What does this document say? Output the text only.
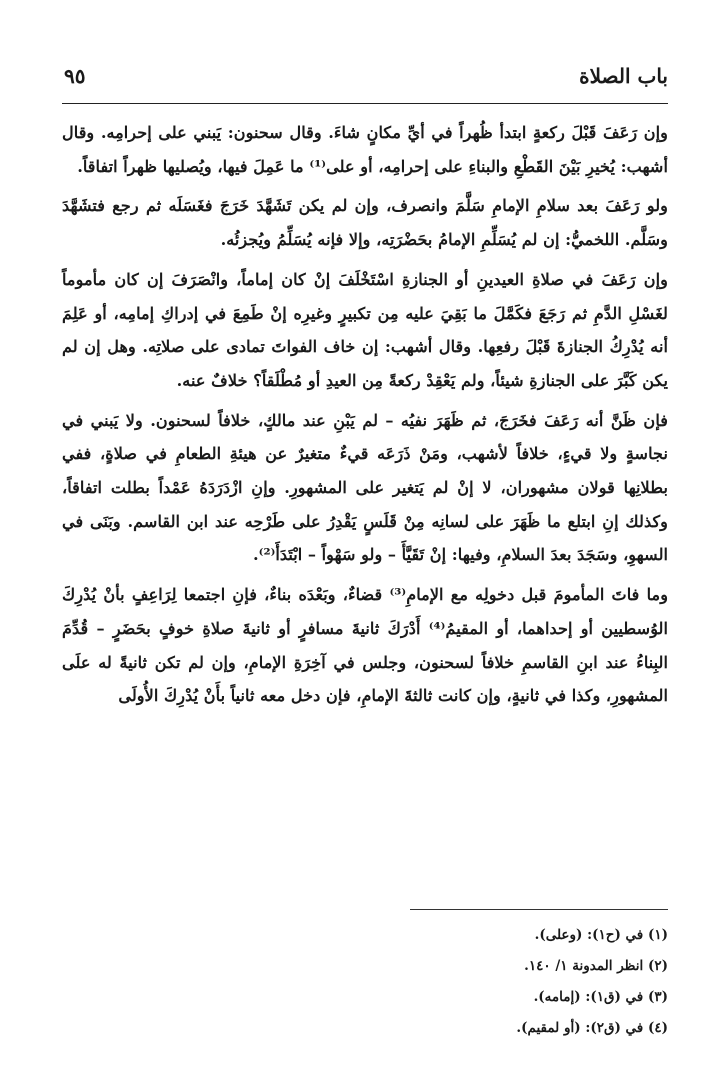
باب الصلاة
٩٥

وإن رَعَفَ قَبْلَ ركعةٍ ابتدأ ظُهراً في أيِّ مكانٍ شاءَ. وقال سحنون: يَبني على إحرامِه. وقال أشهب: يُخيرِ بَيْنَ القَطْعِ والبناءِ على إحرامِه، أو على⁽¹⁾ ما عَمِلَ فيها، ويُصليها ظهراً اتفاقاً.

ولو رَعَفَ بعد سلامِ الإمامِ سَلَّمَ وانصرف، وإن لم يكن تَشَهَّدَ خَرَجَ فغَسَلَه ثم رجع فتشَهَّدَ وسَلَّم. اللخميُّ: إن لم يُسَلِّمِ الإمامُ بحَضْرَتِه، وإلا فإنه يُسَلِّمُ ويُجزئُه.

وإن رَعَفَ في صلاةِ العيدينِ أو الجنازةِ اسْتَخْلَفَ إنْ كان إماماً، وانْصَرَفَ إن كان مأموماً لغَسْلِ الدَّمِ ثم رَجَعَ فكَمَّلَ ما بَقِيَ عليه مِن تكبيرٍ وغيرِه إنْ طَمِعَ في إدراكِ إمامِه، أو عَلِمَ أنه يُدْرِكُ الجنازةَ قَبْلَ رفعِها. وقال أشهب: إن خاف الفواتَ تمادى على صلاتِه. وهل إن لم يكن كَبَّرَ على الجنازةِ شيئاً، ولم يَعْقِدْ ركعةً مِن العيدِ أو مُطْلَقاً؟ خلافٌ عنه.

فإن ظَنَّ أنه رَعَفَ فخَرَجَ، ثم ظَهَرَ نفيُه – لم يَبْنِ عند مالكٍ، خلافاً لسحنون. ولا يَبني في نجاسةٍ ولا قيءٍ، خلافاً لأشهب، ومَنْ ذَرَعَه قيءٌ متغيرٌ عن هيئةِ الطعامِ في صلاةٍ، ففي بطلانِها قولان مشهوران، لا إنْ لم يَتغير على المشهورِ. وإنِ ازْدَرَدَهُ عَمْداً بطلت اتفاقاً، وكذلك إنِ ابتلع ما ظَهَرَ على لسانِه مِنْ قَلَسٍ يَقْدِرُ على طَرْحِه عند ابن القاسم. وبَنَى في السهوِ، وسَجَدَ بعدَ السلامِ، وفيها: إنْ تَقَيَّأَ – ولو سَهْواً – ابْتَدَأَ⁽²⁾.

وما فاتَ المأمومَ قبل دخولِه مع الإمامِ⁽³⁾ قضاءٌ، وبَعْدَه بناءٌ، فإنِ اجتمعا لِرَاعِفٍ بأنْ يُدْرِكَ الوُسطيين أو إحداهما، أو المقيمُ⁽⁴⁾ أَدْرَكَ ثانيةَ مسافرٍ أو ثانيةَ صلاةِ خوفٍ بحَضَرٍ – قُدِّمَ البِناءُ عند ابنِ القاسمِ خلافاً لسحنون، وجلس في آخِرَةِ الإمامِ، وإن لم تكن ثانيةً له علَى المشهورِ، وكذا في ثانيةٍ، وإن كانت ثالثةَ الإمامِ، فإن دخل معه ثانياً بأَنْ يُدْرِكَ الأُولَى

(١) في (ح١): (وعلى).

(٢) انظر المدونة ١/ ١٤٠.

(٣) في (ق١): (إمامه).

(٤) في (ق٢): (أو لمقيم).
